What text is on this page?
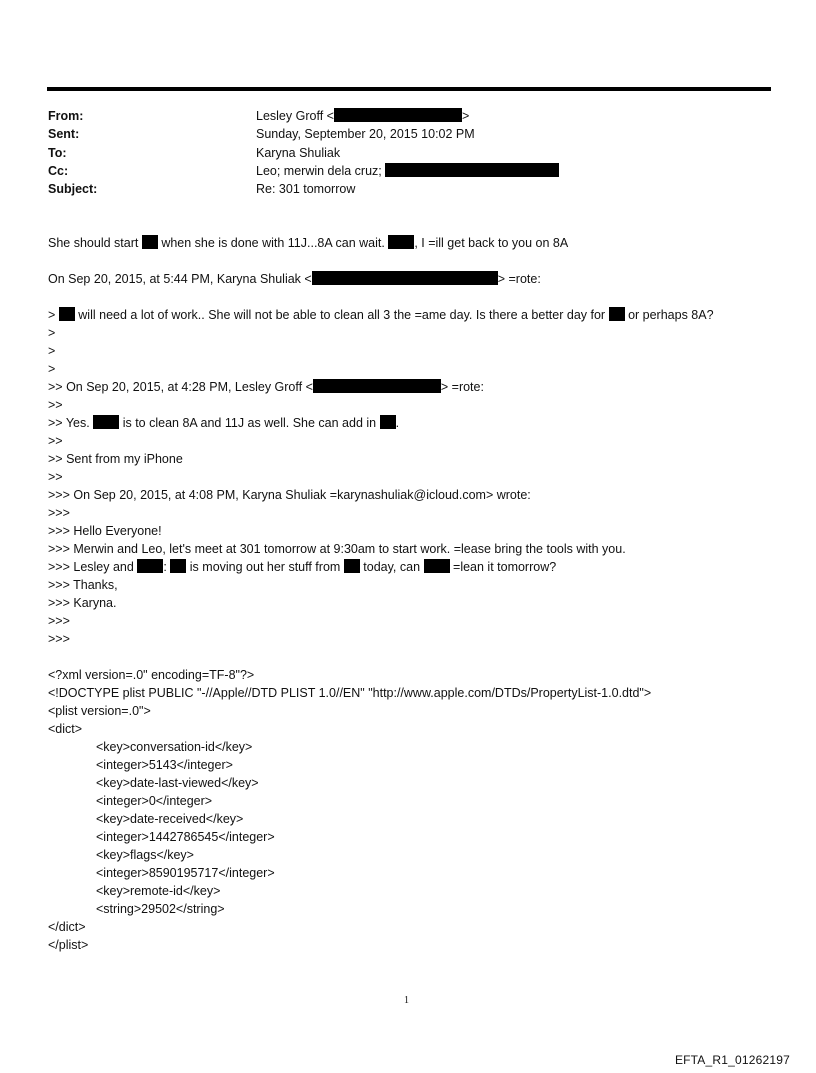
From:	Lesley Groff <	>
Sent:	Sunday, September 20, 2015 10:02 PM
To:	Karyna Shuliak
Cc:	Leo; merwin dela cruz;
Subject:	Re: 301 tomorrow
She should start when she is done with 11J...8A can wait. , I =ill get back to you on 8A
On Sep 20, 2015, at 5:44 PM, Karyna Shuliak <	> =rote:
> will need a lot of work.. She will not be able to clean all 3 the =ame day. Is there a better day for or perhaps 8A?
>
>
>
>> On Sep 20, 2015, at 4:28 PM, Lesley Groff <	> =rote:
>>
>> Yes.	is to clean 8A and 11J as well. She can add in .
>>
>> Sent from my iPhone
>>
>>> On Sep 20, 2015, at 4:08 PM, Karyna Shuliak =karynashuliak@icloud.com> wrote:
>>>
>>> Hello Everyone!
>>> Merwin and Leo, let's meet at 301 tomorrow at 9:30am to start work. =lease bring the tools with you.
>>> Lesley and : is moving out her stuff from today, can	=lean it tomorrow?
>>> Thanks,
>>> Karyna.
>>>
>>>
<?xml version=.0" encoding=TF-8"?>
<!DOCTYPE plist PUBLIC "-//Apple//DTD PLIST 1.0//EN" "http://www.apple.com/DTDs/PropertyList-1.0.dtd">
<plist version=.0">
<dict>
<key>conversation-id</key>
<integer>5143</integer>
<key>date-last-viewed</key>
<integer>0</integer>
<key>date-received</key>
<integer>1442786545</integer>
<key>flags</key>
<integer>8590195717</integer>
<key>remote-id</key>
<string>29502</string>
</dict>
</plist>
1
EFTA_R1_01262197
